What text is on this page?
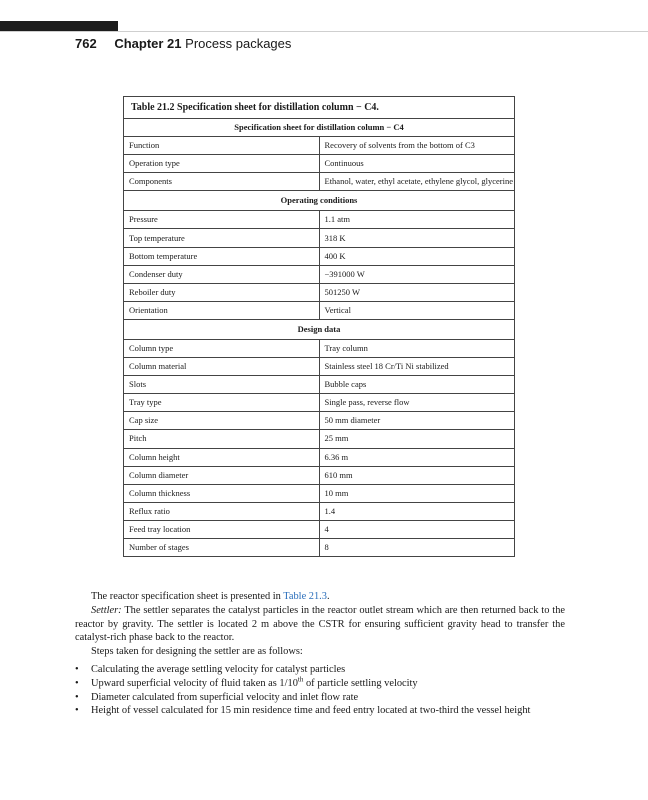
762 Chapter 21 Process packages
Table 21.2 Specification sheet for distillation column − C4.	
Specification sheet for distillation column − C4	
Function	Recovery of solvents from the bottom of C3
Operation type	Continuous
Components	Ethanol, water, ethyl acetate, ethylene glycol, glycerine
Operating conditions	
Pressure	1.1 atm
Top temperature	318 K
Bottom temperature	400 K
Condenser duty	−391000 W
Reboiler duty	501250 W
Orientation	Vertical
Design data	
Column type	Tray column
Column material	Stainless steel 18 Cr/Ti Ni stabilized
Slots	Bubble caps
Tray type	Single pass, reverse flow
Cap size	50 mm diameter
Pitch	25 mm
Column height	6.36 m
Column diameter	610 mm
Column thickness	10 mm
Reflux ratio	1.4
Feed tray location	4
Number of stages	8

The reactor specification sheet is presented in Table 21.3.

Settler: The settler separates the catalyst particles in the reactor outlet stream which are then returned back to the reactor by gravity. The settler is located 2 m above the CSTR for ensuring sufficient gravity head to transfer the catalyst-rich phase back to the reactor.

Steps taken for designing the settler are as follows:

• Calculating the average settling velocity for catalyst particles
• Upward superficial velocity of fluid taken as 1/10th of particle settling velocity
• Diameter calculated from superficial velocity and inlet flow rate
• Height of vessel calculated for 15 min residence time and feed entry located at two-third the vessel height
